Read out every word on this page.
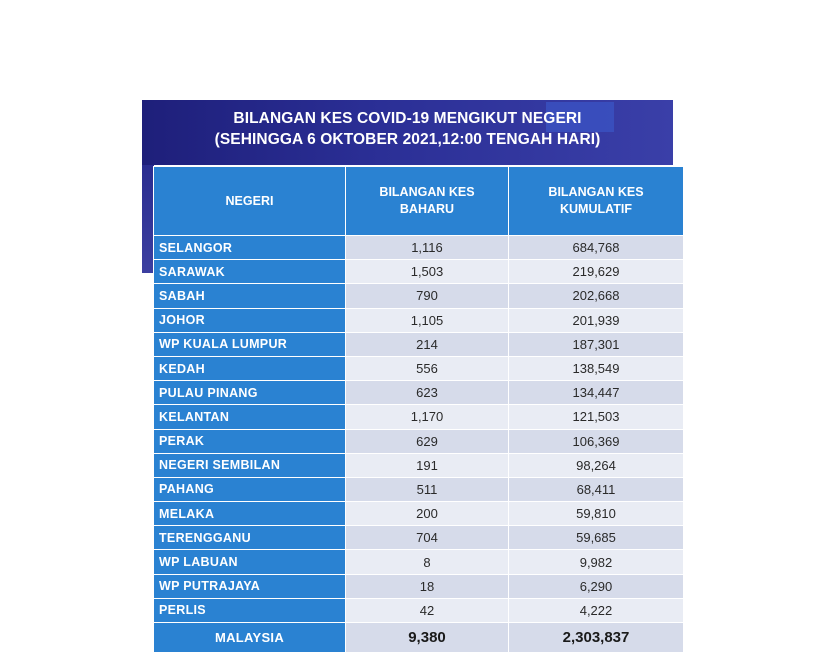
BILANGAN KES COVID-19 MENGIKUT NEGERI
(SEHINGGA 6 OKTOBER 2021,12:00 TENGAH HARI)
NEGERI	BILANGAN KES BAHARU	BILANGAN KES KUMULATIF
SELANGOR	1,116	684,768
SARAWAK	1,503	219,629
SABAH	790	202,668
JOHOR	1,105	201,939
WP KUALA LUMPUR	214	187,301
KEDAH	556	138,549
PULAU PINANG	623	134,447
KELANTAN	1,170	121,503
PERAK	629	106,369
NEGERI SEMBILAN	191	98,264
PAHANG	511	68,411
MELAKA	200	59,810
TERENGGANU	704	59,685
WP LABUAN	8	9,982
WP PUTRAJAYA	18	6,290
PERLIS	42	4,222
MALAYSIA	9,380	2,303,837
